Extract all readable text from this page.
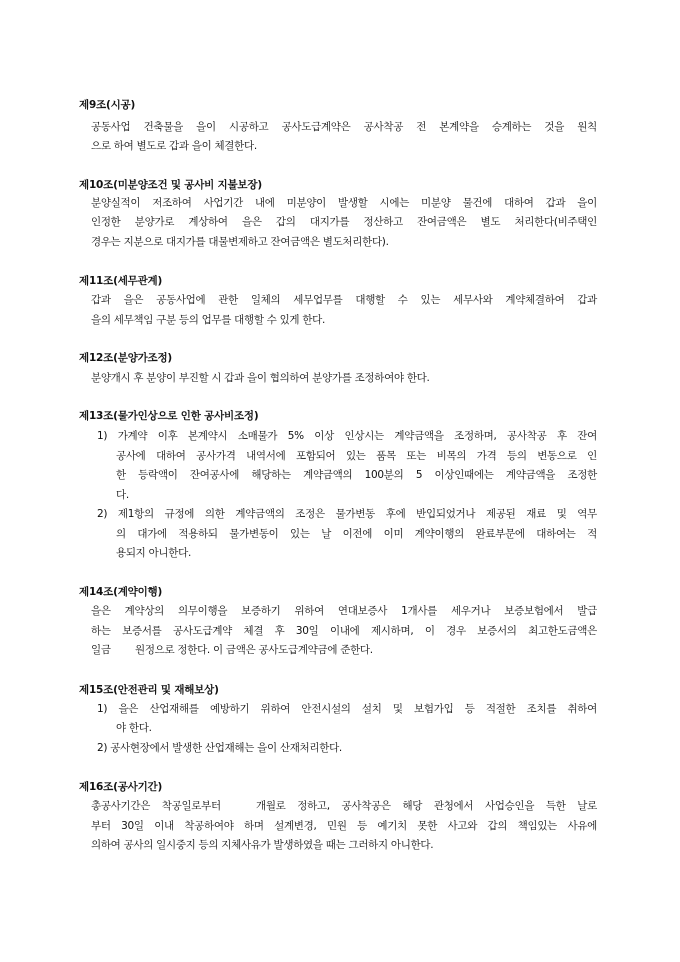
제9조(시공)
공동사업 건축물을 을이 시공하고 공사도급계약은 공사착공 전 본계약을 승계하는 것을 원칙
으로 하여 별도로 갑과 을이 체결한다.
제10조(미분양조건 및 공사비 지불보장)
분양실적이 저조하여 사업기간 내에 미분양이 발생할 시에는 미분양 물건에 대하여 갑과 을이
인정한 분양가로 계상하여 을은 갑의 대지가를 정산하고 잔여금액은 별도 처리한다(비주택인
경우는 지분으로 대지가를 대물변제하고 잔여금액은 별도처리한다).
제11조(세무관계)
갑과 을은 공동사업에 관한 일체의 세무업무를 대행할 수 있는 세무사와 계약체결하여 갑과
을의 세무책임 구분 등의 업무를 대행할 수 있게 한다.
제12조(분양가조정)
분양개시 후 분양이 부진할 시 갑과 을이 협의하여 분양가를 조정하여야 한다.
제13조(물가인상으로 인한 공사비조정)
1) 가계약 이후 본계약시 소매물가 5% 이상 인상시는 계약금액을 조정하며, 공사착공 후 잔여
공사에 대하여 공사가격 내역서에 포함되어 있는 품목 또는 비목의 가격 등의 변동으로 인
한 등락액이 잔여공사에 해당하는 계약금액의 100분의 5 이상인때에는 계약금액을 조정한
다.
2) 제1항의 규정에 의한 계약금액의 조정은 물가변동 후에 반입되었거나 제공된 재료 및 역무
의 대가에 적용하되 물가변동이 있는 날 이전에 이미 계약이행의 완료부문에 대하여는 적
용되지 아니한다.
제14조(계약이행)
을은 계약상의 의무이행을 보증하기 위하여 연대보증사 1개사를 세우거나 보증보험에서 발급
하는 보증서를 공사도급계약 체결 후 30일 이내에 제시하며, 이 경우 보증서의 최고한도금액은
일금        원정으로 정한다. 이 금액은 공사도급계약금에 준한다.
제15조(안전관리 및 재해보상)
1) 을은 산업재해를 예방하기 위하여 안전시설의 설치 및 보험가입 등 적절한 조치를 취하여
야 한다.
2) 공사현장에서 발생한 산업재해는 을이 산재처리한다.
제16조(공사기간)
총공사기간은 착공일로부터   개월로 정하고, 공사착공은 해당 관청에서 사업승인을 득한 날로
부터 30일 이내 착공하여야 하며 설계변경, 민원 등 예기치 못한 사고와 갑의 책임있는 사유에
의하여 공사의 일시중지 등의 지체사유가 발생하였을 때는 그러하지 아니한다.
